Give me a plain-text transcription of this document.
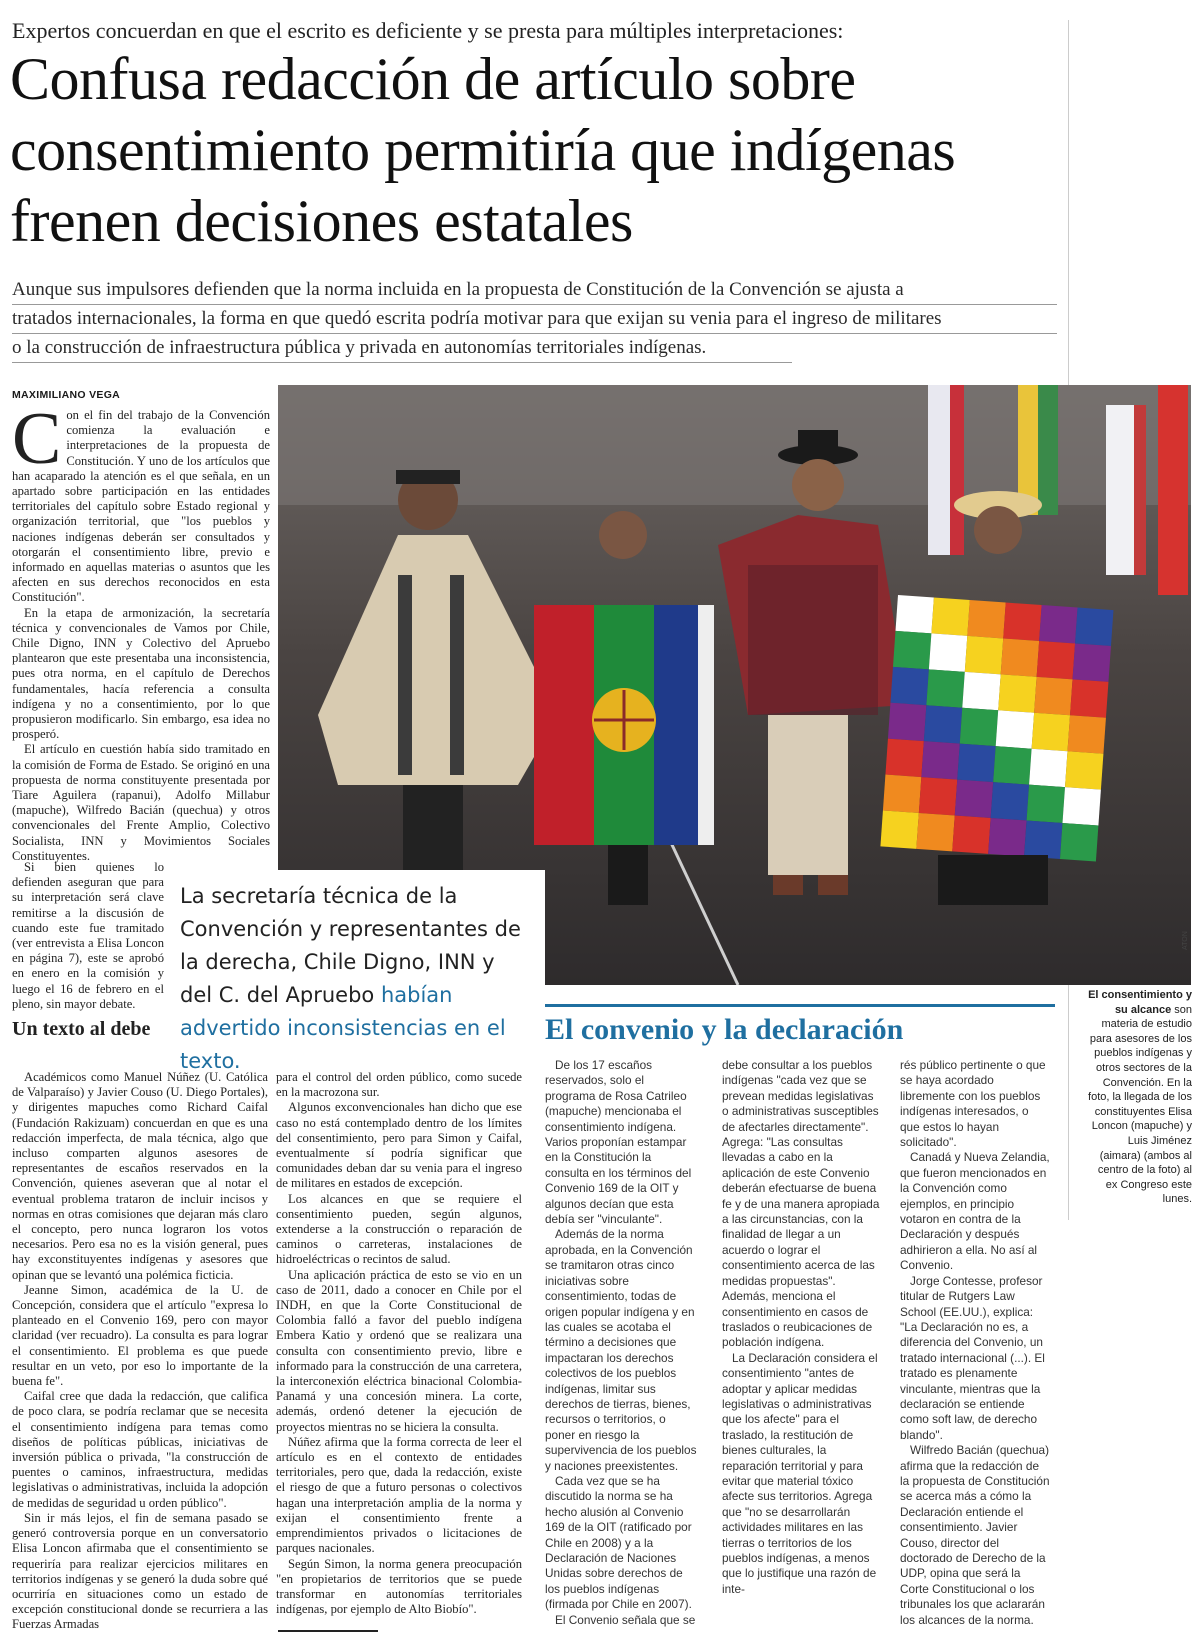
Expertos concuerdan en que el escrito es deficiente y se presta para múltiples interpretaciones:
Confusa redacción de artículo sobre consentimiento permitiría que indígenas frenen decisiones estatales
Aunque sus impulsores defienden que la norma incluida en la propuesta de Constitución de la Convención se ajusta a
tratados internacionales, la forma en que quedó escrita podría motivar para que exijan su venia para el ingreso de militares
o la construcción de infraestructura pública y privada en autonomías territoriales indígenas.
MAXIMILIANO VEGA

Con el fin del trabajo de la Convención comienza la evaluación e interpretaciones de la propuesta de Constitución. Y uno de los artículos que han acaparado la atención es el que señala, en un apartado sobre participación en las entidades territoriales del capítulo sobre Estado regional y organización territorial, que "los pueblos y naciones indígenas deberán ser consultados y otorgarán el consentimiento libre, previo e informado en aquellas materias o asuntos que les afecten en sus derechos reconocidos en esta Constitución".

En la etapa de armonización, la secretaría técnica y convencionales de Vamos por Chile, Chile Digno, INN y Colectivo del Apruebo plantearon que este presentaba una inconsistencia, pues otra norma, en el capítulo de Derechos fundamentales, hacía referencia a consulta indígena y no a consentimiento, por lo que propusieron modificarlo. Sin embargo, esa idea no prosperó.

El artículo en cuestión había sido tramitado en la comisión de Forma de Estado. Se originó en una propuesta de norma constituyente presentada por Tiare Aguilera (rapanui), Adolfo Millabur (mapuche), Wilfredo Bacián (quechua) y otros convencionales del Frente Amplio, Colectivo Socialista, INN y Movimientos Sociales Constituyentes.

Si bien quienes lo defienden aseguran que para su interpretación será clave remitirse a la discusión de cuando este fue tramitado (ver entrevista a Elisa Loncon en página 7), este se aprobó en enero en la comisión y luego el 16 de febrero en el pleno, sin mayor debate.

Un texto al debe

Académicos como Manuel Núñez (U. Católica de Valparaíso) y Javier Couso (U. Diego Portales), y dirigentes mapuches como Richard Caifal (Fundación Rakizuam) concuerdan en que es una redacción imperfecta, de mala técnica, algo que incluso comparten algunos asesores de representantes de escaños reservados en la Convención, quienes aseveran que al notar el eventual problema trataron de incluir incisos y normas en otras comisiones que dejaran más claro el concepto, pero nunca lograron los votos necesarios. Pero esa no es la visión general, pues hay exconstituyentes indígenas y asesores que opinan que se levantó una polémica ficticia.

Jeanne Simon, académica de la U. de Concepción, considera que el artículo "expresa lo planteado en el Convenio 169, pero con mayor claridad (ver recuadro). La consulta es para lograr el consentimiento. El problema es que puede resultar en un veto, por eso lo importante de la buena fe".

Caifal cree que dada la redacción, que califica de poco clara, se podría reclamar que se necesita el consentimiento indígena para temas como diseños de políticas públicas, iniciativas de inversión pública o privada, "la construcción de puentes o caminos, infraestructura, medidas legislativas o administrativas, incluida la adopción de medidas de seguridad u orden público".

Sin ir más lejos, el fin de semana pasado se generó controversia porque en un conversatorio Elisa Loncon afirmaba que el consentimiento se requeriría para realizar ejercicios militares en territorios indígenas y se generó la duda sobre qué ocurriría en situaciones como un estado de excepción constitucional donde se recurriera a las Fuerzas Armadas

para el control del orden público, como sucede en la macrozona sur.

Algunos exconvencionales han dicho que ese caso no está contemplado dentro de los límites del consentimiento, pero para Simon y Caifal, eventualmente sí podría significar que comunidades deban dar su venia para el ingreso de militares en estados de excepción.

Los alcances en que se requiere el consentimiento pueden, según algunos, extenderse a la construcción o reparación de caminos o carreteras, instalaciones de hidroeléctricas o recintos de salud.

Una aplicación práctica de esto se vio en un caso de 2011, dado a conocer en Chile por el INDH, en que la Corte Constitucional de Colombia falló a favor del pueblo indígena Embera Katio y ordenó que se realizara una consulta con consentimiento previo, libre e informado para la construcción de una carretera, la interconexión eléctrica binacional Colombia-Panamá y una concesión minera. La corte, además, ordenó detener la ejecución de proyectos mientras no se hiciera la consulta.

Núñez afirma que la forma correcta de leer el artículo es en el contexto de entidades territoriales, pero que, dada la redacción, existe el riesgo de que a futuro personas o colectivos hagan una interpretación amplia de la norma y exijan el consentimiento frente a emprendimientos privados o licitaciones de parques nacionales.

Según Simon, la norma genera preocupación "en propietarios de territorios que se puede transformar en autonomías territoriales indígenas, por ejemplo de Alto Biobío".

ATON
La secretaría técnica de la Convención y representantes de la derecha, Chile Digno, INN y del C. del Apruebo habían advertido inconsistencias en el texto.
El consentimiento y su alcance son materia de estudio para asesores de los pueblos indígenas y otros sectores de la Convención. En la foto, la llegada de los constituyentes Elisa Loncon (mapuche) y Luis Jiménez (aimara) (ambos al centro de la foto) al ex Congreso este lunes.
El convenio y la declaración

De los 17 escaños reservados, solo el programa de Rosa Catrileo (mapuche) mencionaba el consentimiento indígena. Varios proponían estampar en la Constitución la consulta en los términos del Convenio 169 de la OIT y algunos decían que esta debía ser "vinculante".

Además de la norma aprobada, en la Convención se tramitaron otras cinco iniciativas sobre consentimiento, todas de origen popular indígena y en las cuales se acotaba el término a decisiones que impactaran los derechos colectivos de los pueblos indígenas, limitar sus derechos de tierras, bienes, recursos o territorios, o poner en riesgo la supervivencia de los pueblos y naciones preexistentes.

Cada vez que se ha discutido la norma se ha hecho alusión al Convenio 169 de la OIT (ratificado por Chile en 2008) y a la Declaración de Naciones Unidas sobre derechos de los pueblos indígenas (firmada por Chile en 2007).

El Convenio señala que se

debe consultar a los pueblos indígenas "cada vez que se prevean medidas legislativas o administrativas susceptibles de afectarles directamente". Agrega: "Las consultas llevadas a cabo en la aplicación de este Convenio deberán efectuarse de buena fe y de una manera apropiada a las circunstancias, con la finalidad de llegar a un acuerdo o lograr el consentimiento acerca de las medidas propuestas". Además, menciona el consentimiento en casos de traslados o reubicaciones de población indígena.

La Declaración considera el consentimiento "antes de adoptar y aplicar medidas legislativas o administrativas que los afecte" para el traslado, la restitución de bienes culturales, la reparación territorial y para evitar que material tóxico afecte sus territorios. Agrega que "no se desarrollarán actividades militares en las tierras o territorios de los pueblos indígenas, a menos que lo justifique una razón de inte-

rés público pertinente o que se haya acordado libremente con los pueblos indígenas interesados, o que estos lo hayan solicitado".

Canadá y Nueva Zelandia, que fueron mencionados en la Convención como ejemplos, en principio votaron en contra de la Declaración y después adhirieron a ella. No así al Convenio.

Jorge Contesse, profesor titular de Rutgers Law School (EE.UU.), explica: "La Declaración no es, a diferencia del Convenio, un tratado internacional (...). El tratado es plenamente vinculante, mientras que la declaración se entiende como soft law, de derecho blando".

Wilfredo Bacián (quechua) afirma que la redacción de la propuesta de Constitución se acerca más a cómo la Declaración entiende el consentimiento. Javier Couso, director del doctorado de Derecho de la UDP, opina que será la Corte Constitucional o los tribunales los que aclararán los alcances de la norma.
